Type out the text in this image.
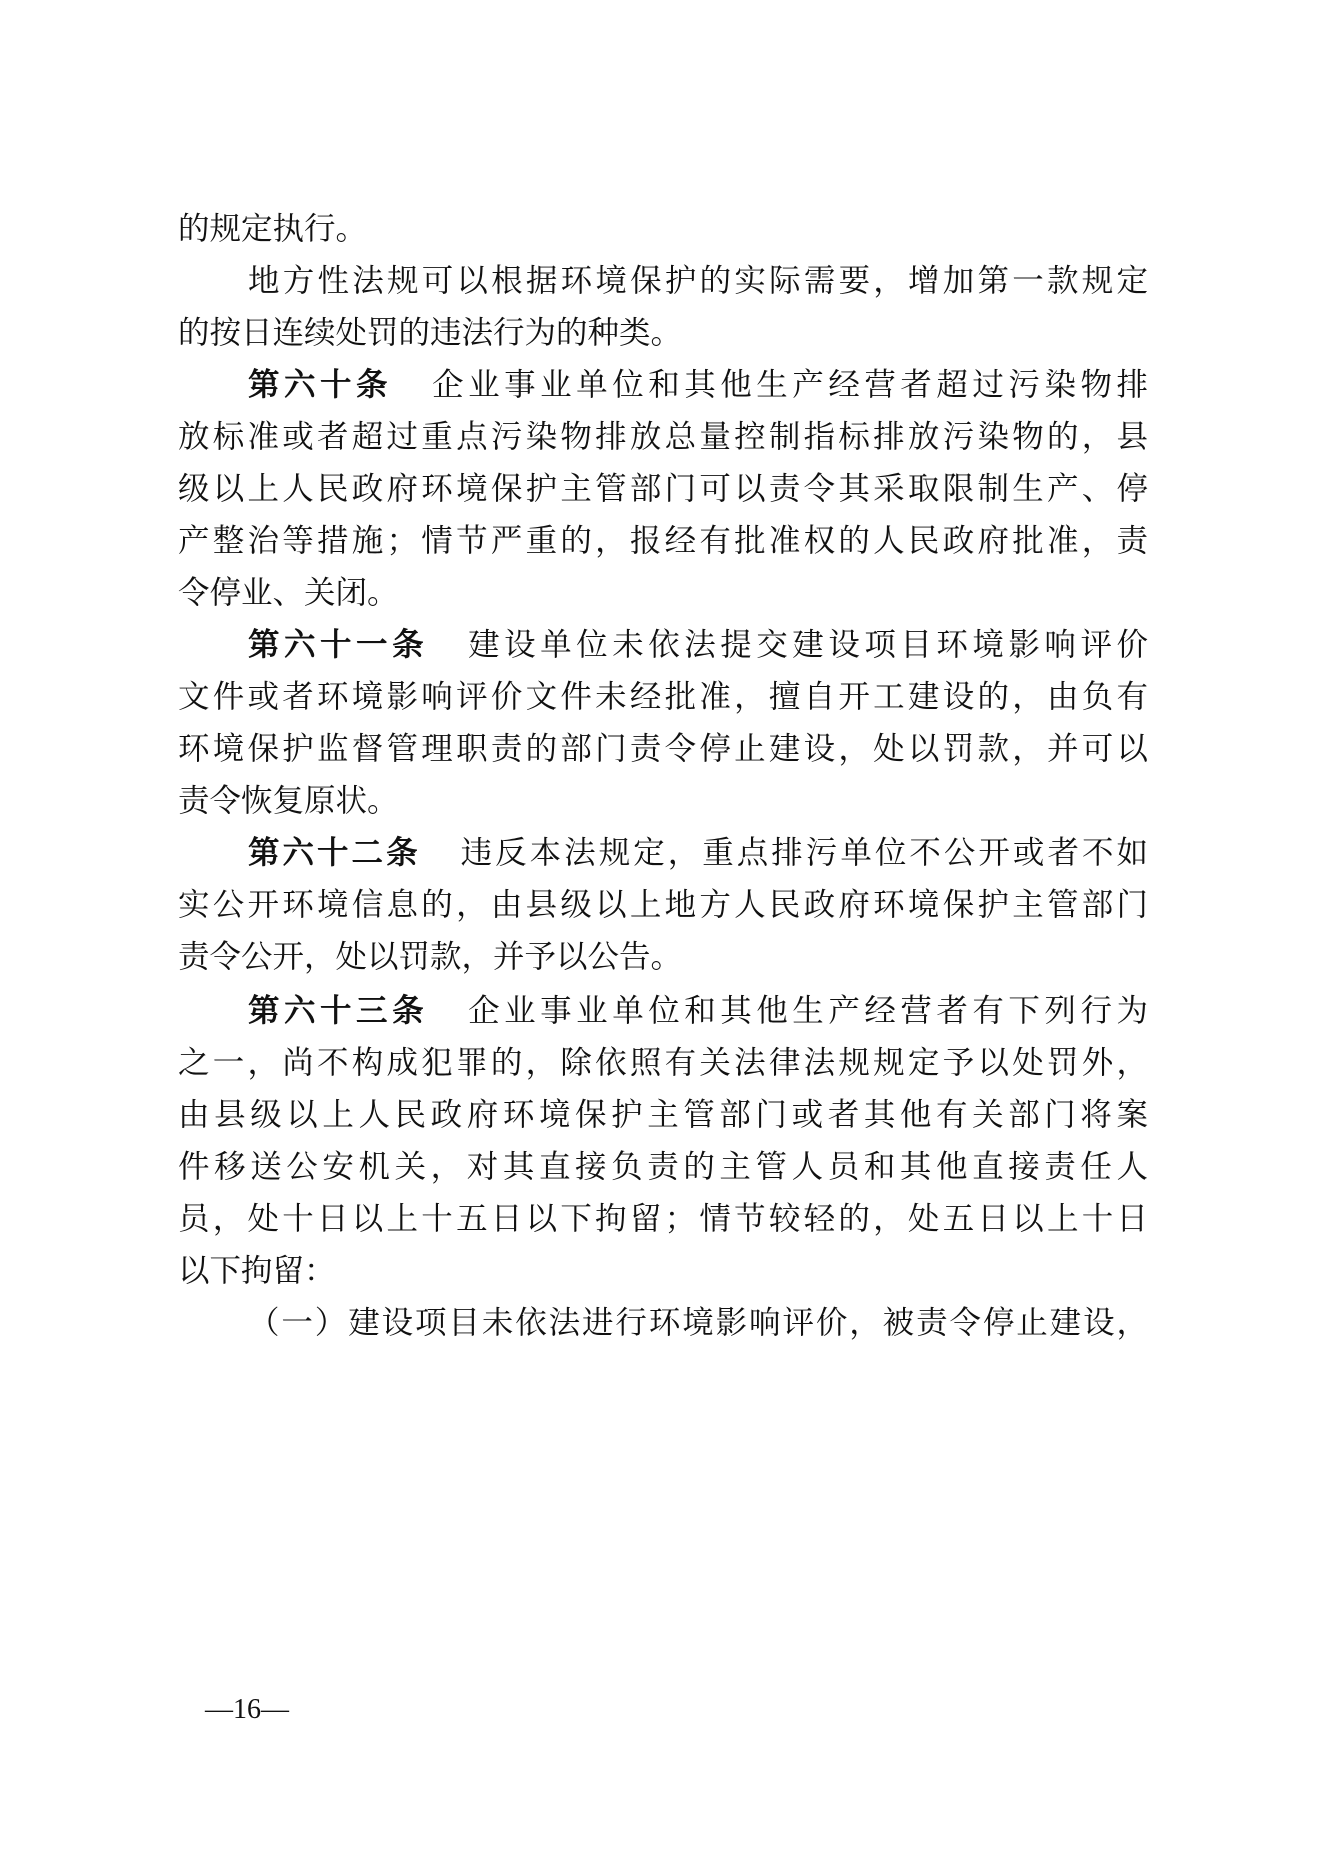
的规定执行。
地方性法规可以根据环境保护的实际需要，增加第一款规定
的按日连续处罚的违法行为的种类。
第六十条 企业事业单位和其他生产经营者超过污染物排
放标准或者超过重点污染物排放总量控制指标排放污染物的，县
级以上人民政府环境保护主管部门可以责令其采取限制生产、停
产整治等措施；情节严重的，报经有批准权的人民政府批准，责
令停业、关闭。
第六十一条 建设单位未依法提交建设项目环境影响评价
文件或者环境影响评价文件未经批准，擅自开工建设的，由负有
环境保护监督管理职责的部门责令停止建设，处以罚款，并可以
责令恢复原状。
第六十二条 违反本法规定，重点排污单位不公开或者不如
实公开环境信息的，由县级以上地方人民政府环境保护主管部门
责令公开，处以罚款，并予以公告。
第六十三条 企业事业单位和其他生产经营者有下列行为
之一，尚不构成犯罪的，除依照有关法律法规规定予以处罚外，
由县级以上人民政府环境保护主管部门或者其他有关部门将案
件移送公安机关，对其直接负责的主管人员和其他直接责任人
员，处十日以上十五日以下拘留；情节较轻的，处五日以上十日
以下拘留：
（一）建设项目未依法进行环境影响评价，被责令停止建设，
—16—
